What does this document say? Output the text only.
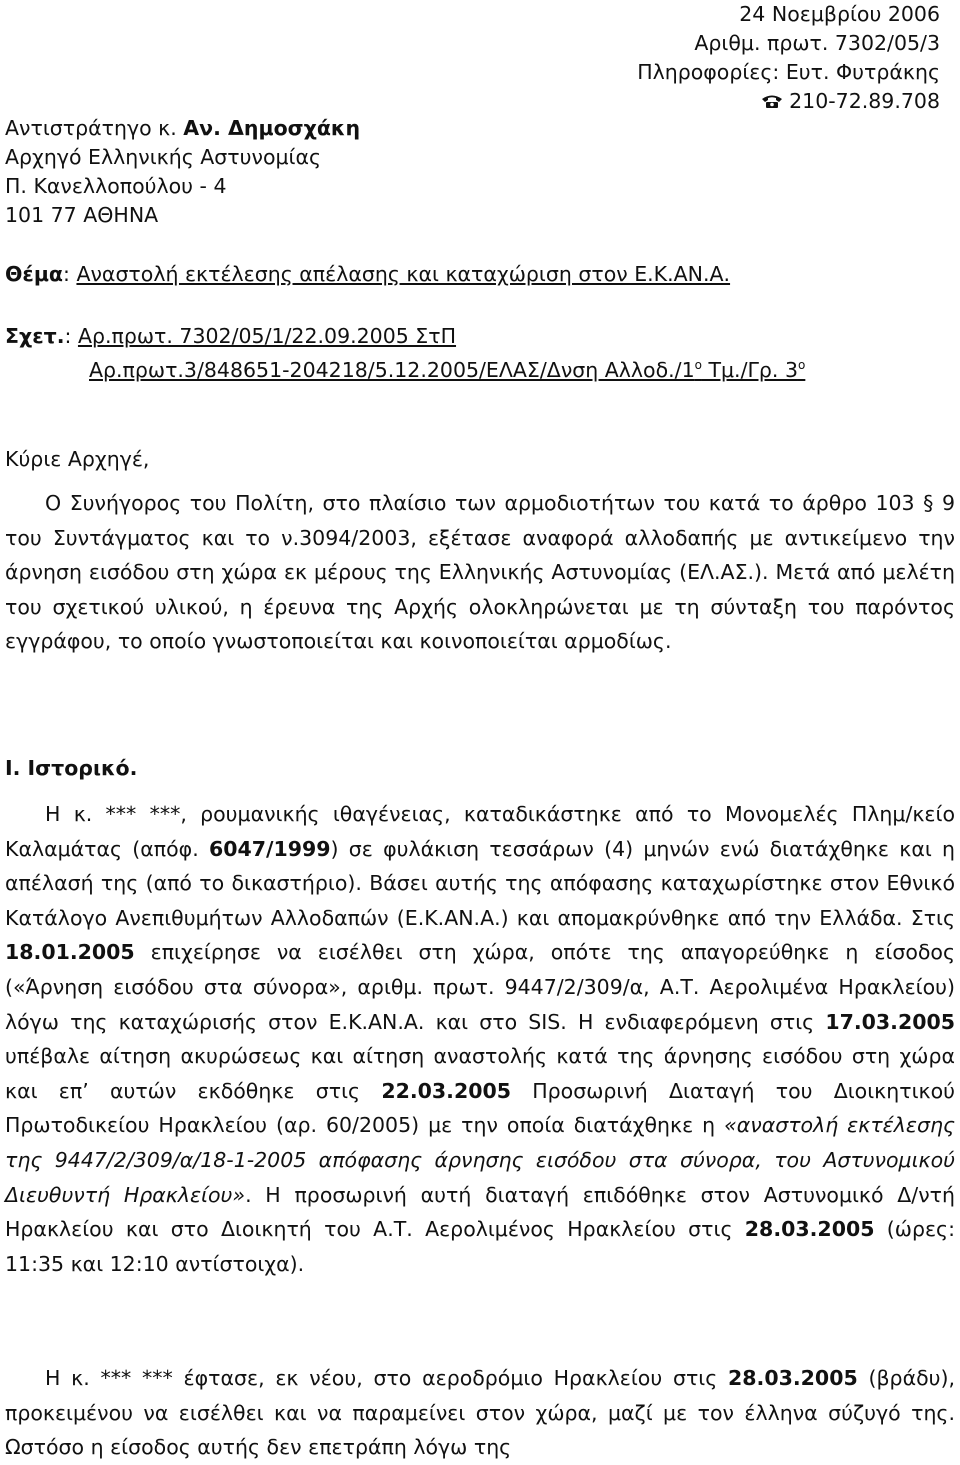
24 Νοεμβρίου 2006
Αριθμ. πρωτ. 7302/05/3
Πληροφορίες: Ευτ. Φυτράκης
210-72.89.708
Αντιστράτηγο κ. Αν. Δημοσχάκη
Αρχηγό Ελληνικής Αστυνομίας
Π. Κανελλοπούλου - 4
101 77 ΑΘΗΝΑ
Θέμα: Αναστολή εκτέλεσης απέλασης και καταχώριση στον Ε.Κ.ΑΝ.Α.
Σχετ.: Αρ.πρωτ. 7302/05/1/22.09.2005 ΣτΠ
Αρ.πρωτ.3/848651-204218/5.12.2005/ΕΛΑΣ/Δνση $A\lambda\lambda o\delta./1^o$ Τμ./Γρ. $3^o$
Κύριε Αρχηγέ,

Ο Συνήγορος του Πολίτη, στο πλαίσιο των αρμοδιοτήτων του κατά το άρθρο 103 § 9 του Συντάγματος και το ν.3094/2003, εξέτασε αναφορά αλλοδαπής με αντικείμενο την άρνηση εισόδου στη χώρα εκ μέρους της Ελληνικής Αστυνομίας (ΕΛ.ΑΣ.). Μετά από μελέτη του σχετικού υλικού, η έρευνα της Αρχής ολοκληρώνεται με τη σύνταξη του παρόντος εγγράφου, το οποίο γνωστοποιείται και κοινοποιείται αρμοδίως.

Ι. Ιστορικό.

Η κ. *** ***, ρουμανικής ιθαγένειας, καταδικάστηκε από το Μονομελές Πλημ/κείο Καλαμάτας (απόφ. 6047/1999) σε φυλάκιση τεσσάρων (4) μηνών ενώ διατάχθηκε και η απέλασή της (από το δικαστήριο). Βάσει αυτής της απόφασης καταχωρίστηκε στον Εθνικό Κατάλογο Ανεπιθυμήτων Αλλοδαπών (Ε.Κ.ΑΝ.Α.) και απομακρύνθηκε από την Ελλάδα. Στις 18.01.2005 επιχείρησε να εισέλθει στη χώρα, οπότε της απαγορεύθηκε η είσοδος («Άρνηση εισόδου στα σύνορα», αριθμ. πρωτ. 9447/2/309/α, Α.Τ. Αερολιμένα Ηρακλείου) λόγω της καταχώρισής στον Ε.Κ.ΑΝ.Α. και στο SIS. Η ενδιαφερόμενη στις 17.03.2005 υπέβαλε αίτηση ακυρώσεως και αίτηση αναστολής κατά της άρνησης εισόδου στη χώρα και επ’ αυτών εκδόθηκε στις 22.03.2005 Προσωρινή Διαταγή του Διοικητικού Πρωτοδικείου Ηρακλείου (αρ. 60/2005) με την οποία διατάχθηκε η «αναστολή εκτέλεσης της 9447/2/309/α/18-1-2005 απόφασης άρνησης εισόδου στα σύνορα, του Αστυνομικού Διευθυντή Ηρακλείου». Η προσωρινή αυτή διαταγή επιδόθηκε στον Αστυνομικό Δ/ντή Ηρακλείου και στο Διοικητή του Α.Τ. Αερολιμένος Ηρακλείου στις 28.03.2005 (ώρες: 11:35 και 12:10 αντίστοιχα).

Η κ. *** *** έφτασε, εκ νέου, στο αεροδρόμιο Ηρακλείου στις 28.03.2005 (βράδυ), προκειμένου να εισέλθει και να παραμείνει στον χώρα, μαζί με τον έλληνα σύζυγό της. Ωστόσο η είσοδος αυτής δεν επετράπη λόγω της
